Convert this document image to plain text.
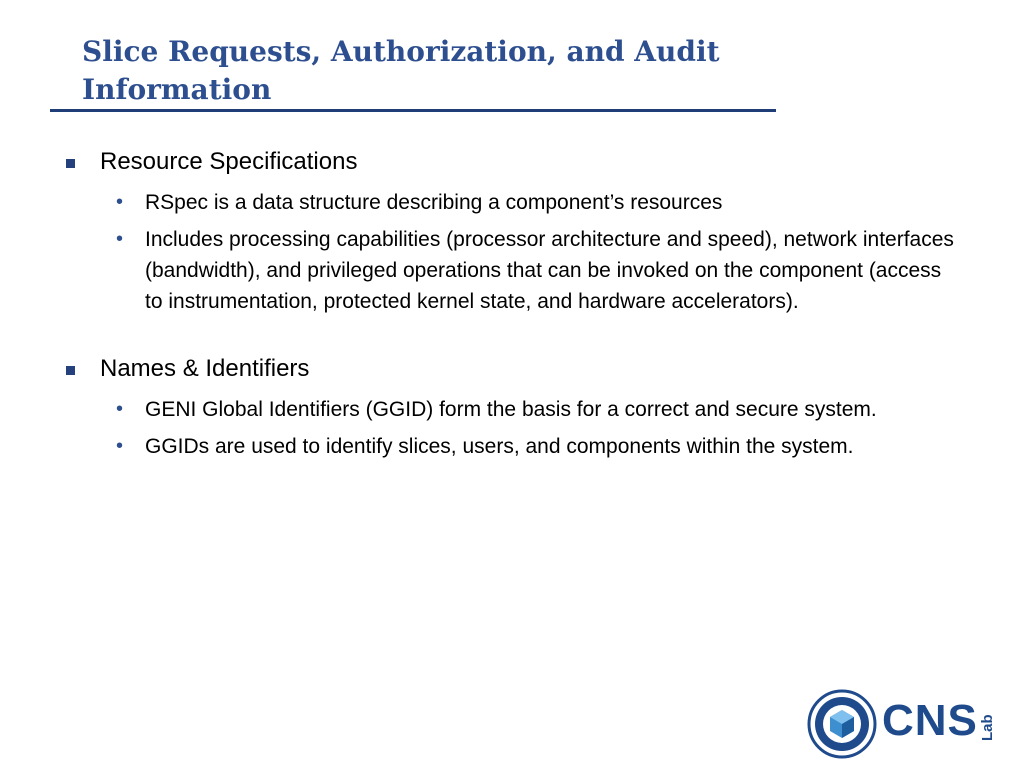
Slice Requests, Authorization, and Audit Information
Resource Specifications
• RSpec is a data structure describing a component’s resources
• Includes processing capabilities (processor architecture and speed), network interfaces (bandwidth), and privileged operations that can be invoked on the component (access to instrumentation, protected kernel state, and hardware accelerators).
Names & Identifiers
• GENI Global Identifiers (GGID) form the basis for a correct and secure system.
• GGIDs are used to identify slices, users, and components within the system.
CNS Lab
